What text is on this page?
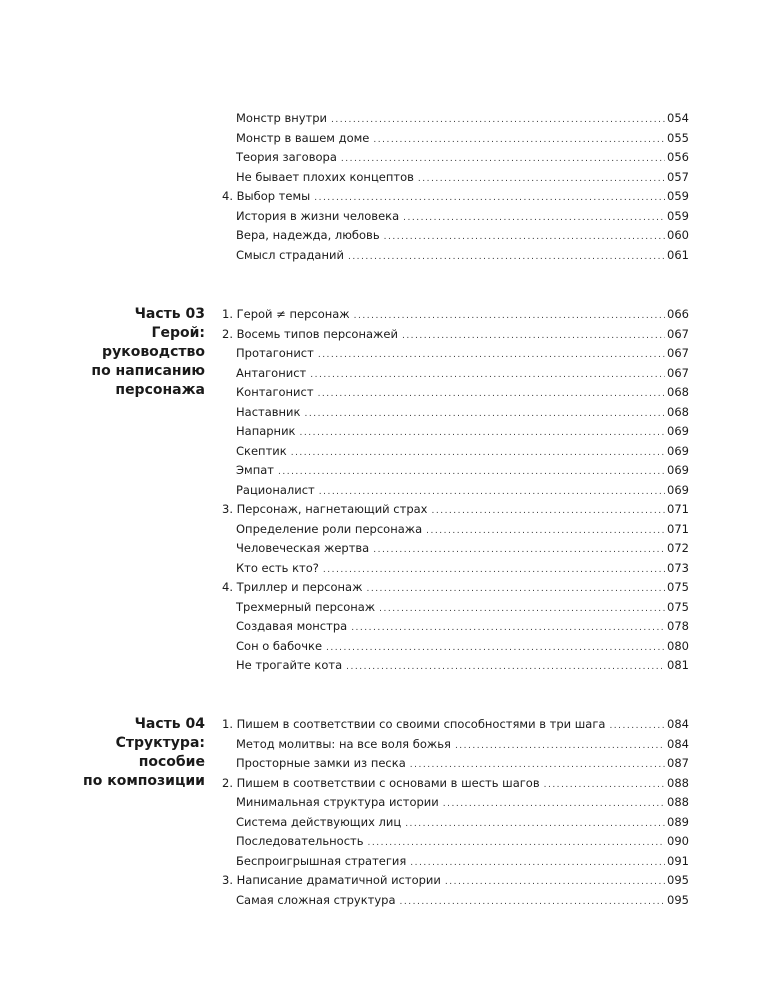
Монстр внутри .....	054
Монстр в вашем доме .....	055
Теория заговора .....	056
Не бывает плохих концептов .....	057
4. Выбор темы .....	059
История в жизни человека .....	059
Вера, надежда, любовь .....	060
Смысл страданий .....	061
Часть 03
Герой:
руководство
по написанию
персонажа
1. Герой ≠ персонаж .....	066
2. Восемь типов персонажей .....	067
Протагонист .....	067
Антагонист .....	067
Контагонист .....	068
Наставник .....	068
Напарник .....	069
Скептик .....	069
Эмпат .....	069
Рационалист .....	069
3. Персонаж, нагнетающий страх .....	071
Определение роли персонажа .....	071
Человеческая жертва .....	072
Кто есть кто? .....	073
4. Триллер и персонаж .....	075
Трехмерный персонаж .....	075
Создавая монстра .....	078
Сон о бабочке .....	080
Не трогайте кота .....	081
Часть 04
Структура:
пособие
по композиции
1. Пишем в соответствии со своими способностями в три шага .....	084
Метод молитвы: на все воля божья .....	084
Просторные замки из песка .....	087
2. Пишем в соответствии с основами в шесть шагов .....	088
Минимальная структура истории .....	088
Система действующих лиц .....	089
Последовательность .....	090
Беспроигрышная стратегия .....	091
3. Написание драматичной истории .....	095
Самая сложная структура .....	095
